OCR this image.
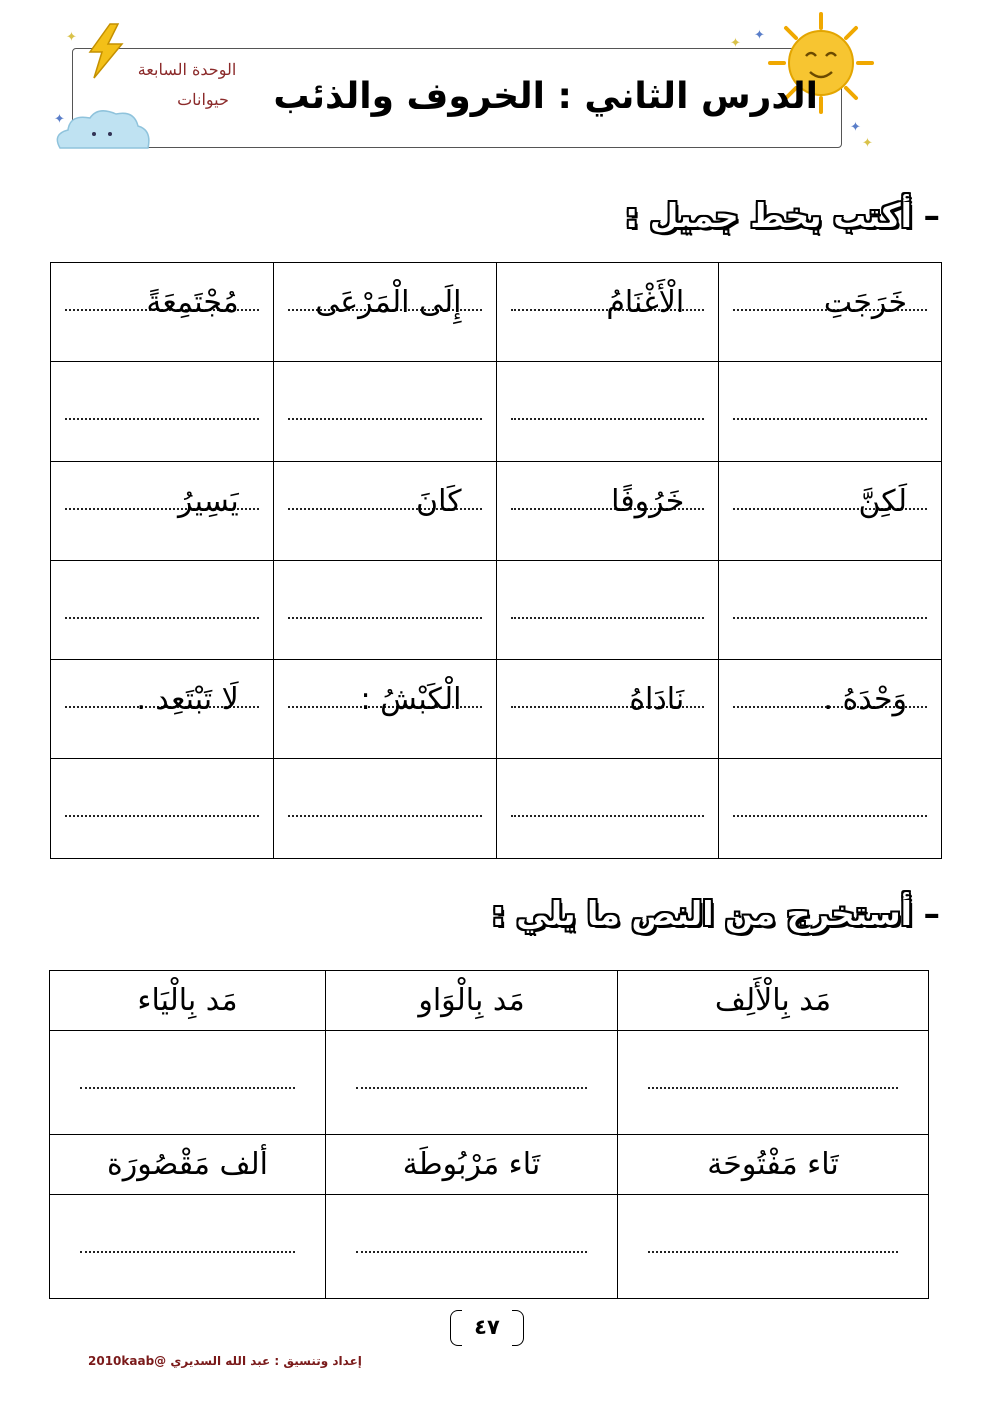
✦
✦
✦
✦
✦
✦
الوحدة السابعة
حيوانات	الدرس الثاني : الخروف والذئب
– أكتب بخط جميل :
خَرَجَتِ	الْأَغْنَامُ	إِلَى الْمَرْعَى	مُجْتَمِعَةً

لَكِنَّ	خَرُوفًا	كَانَ	يَسِيرُ

وَحْدَهُ .	نَادَاهُ	الْكَبْشُ :	لَا تَبْتَعِد .

– أستخرج من النص ما يلي :
مَد بِالْأَلِف	مَد بِالْوَاو	مَد بِالْيَاء

تَاء مَفْتُوحَة	تَاء مَرْبُوطَة	ألف مَقْصُورَة

٤٧
إعداد وتنسيق : عبد الله السديري @2010kaab
